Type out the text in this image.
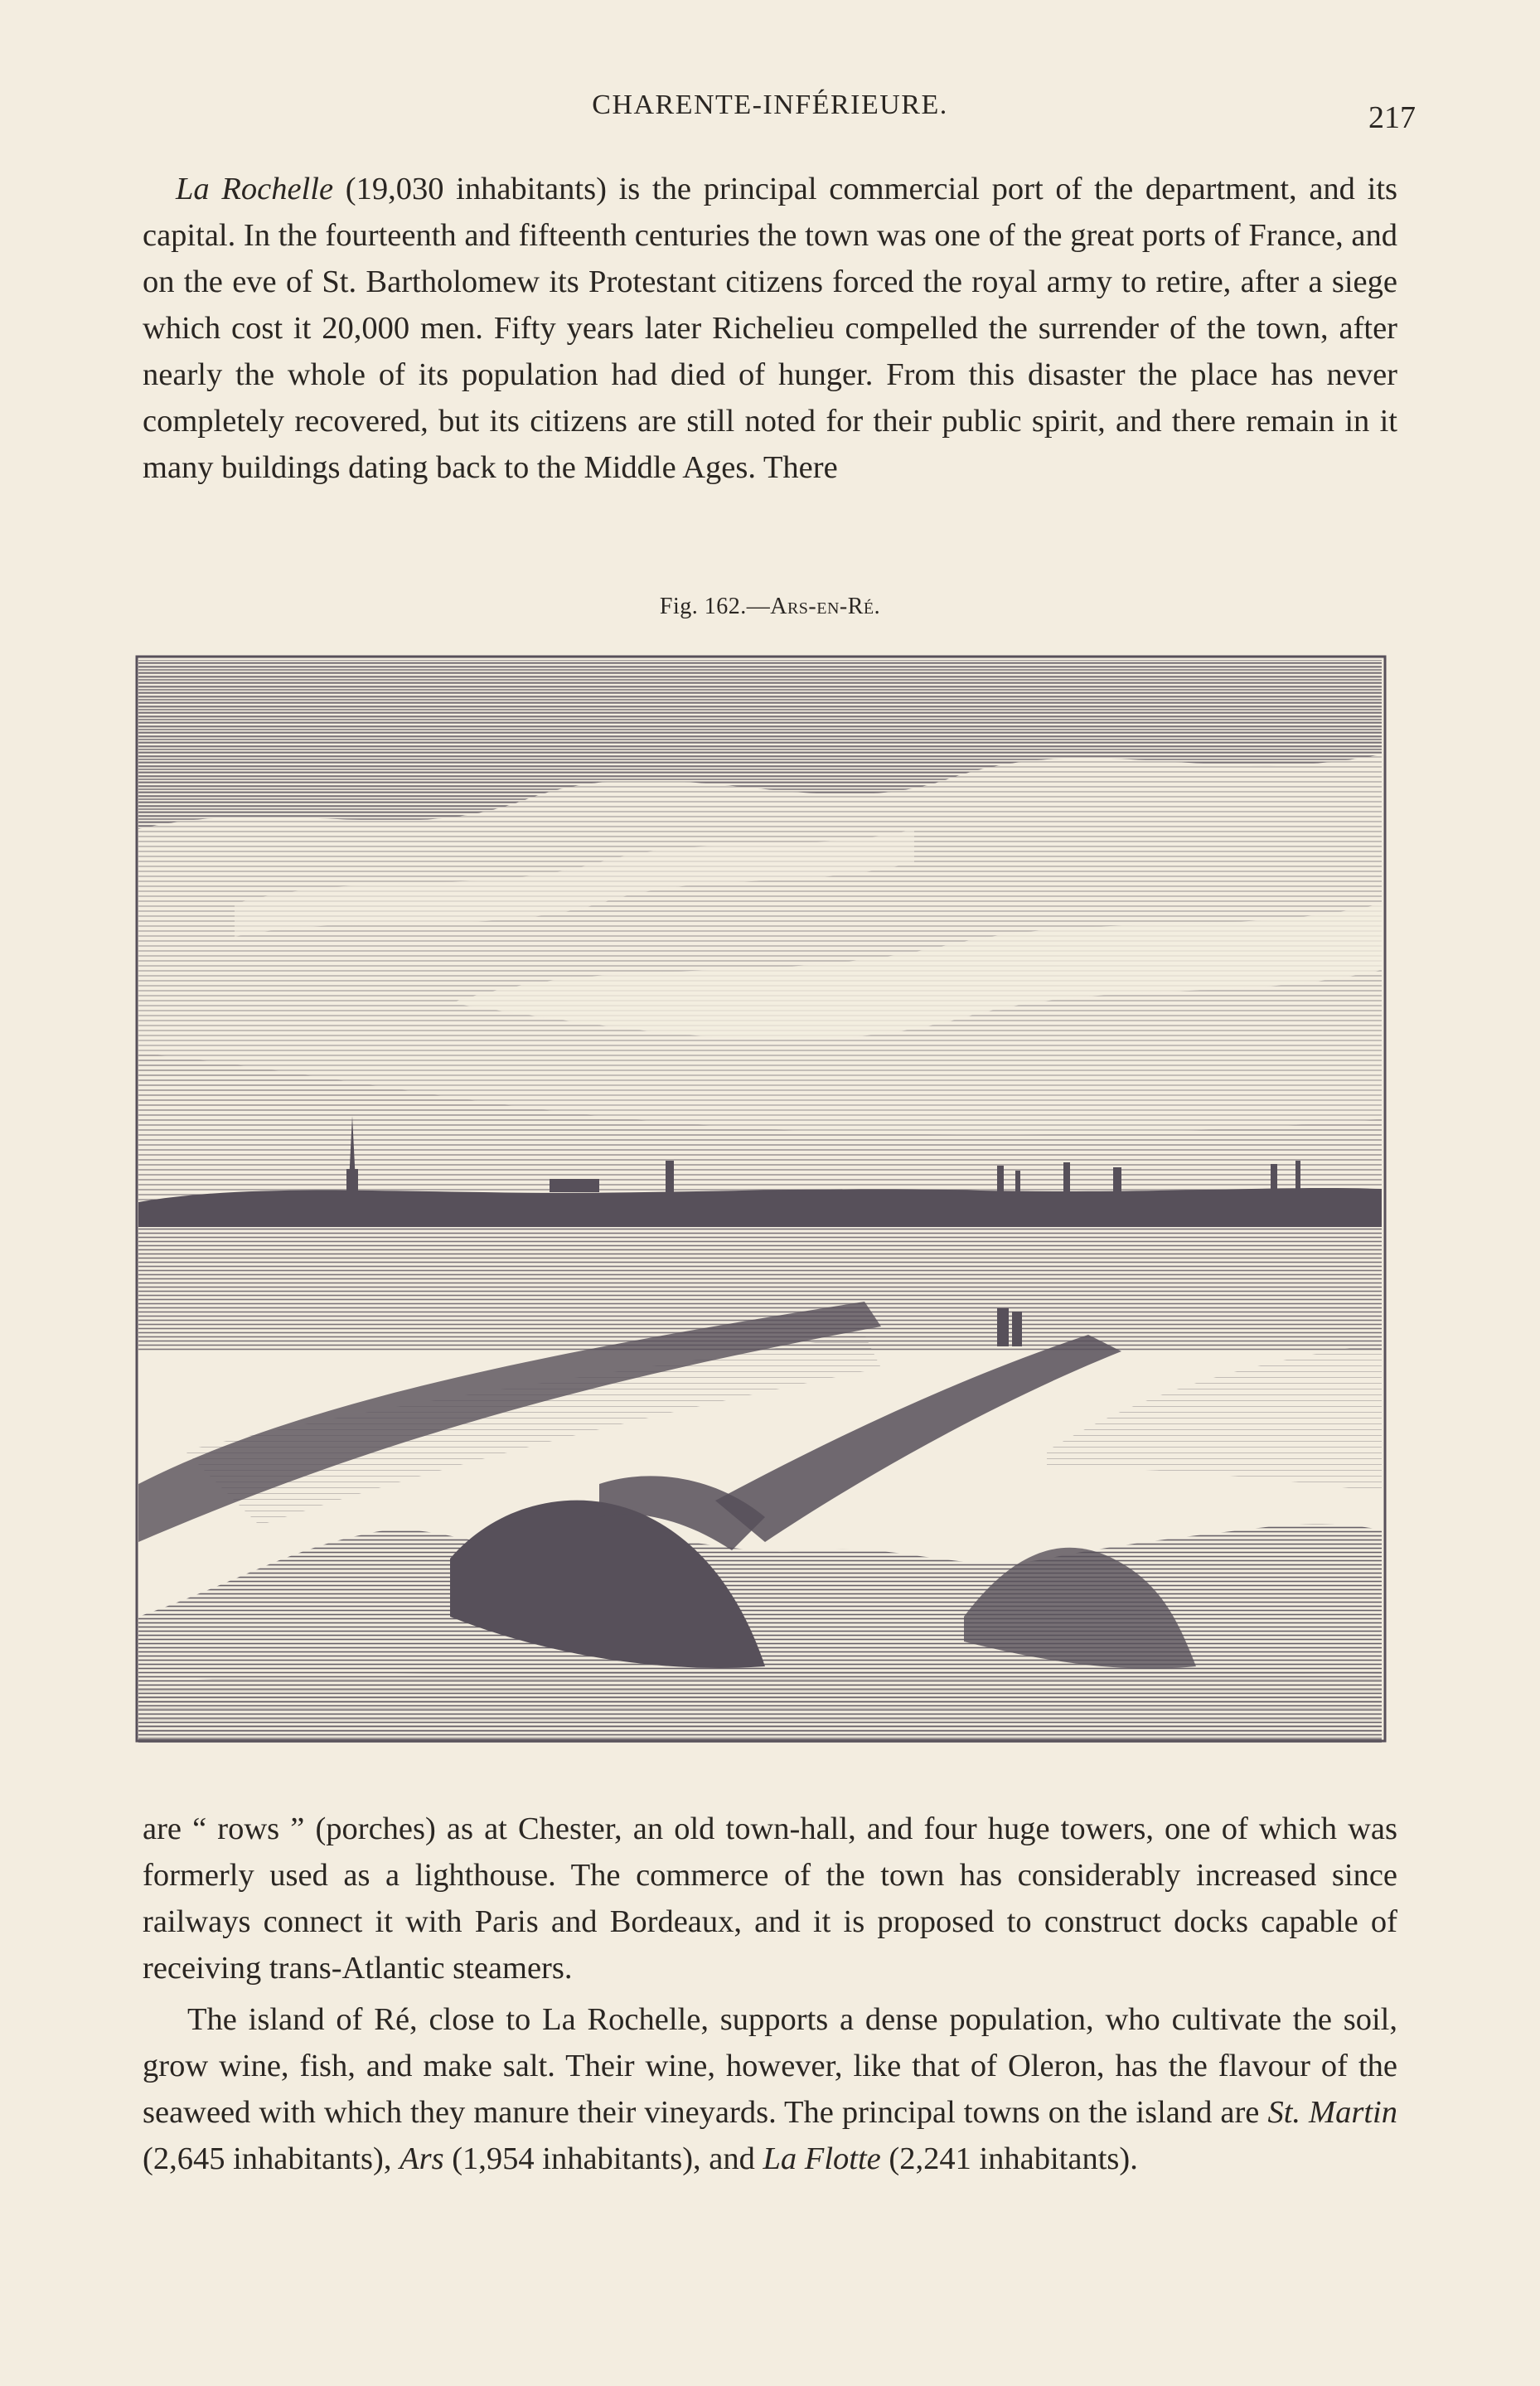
CHARENTE-INFÉRIEURE.	217

La Rochelle (19,030 inhabitants) is the principal commercial port of the department, and its capital. In the fourteenth and fifteenth centuries the town was one of the great ports of France, and on the eve of St. Bartholomew its Protestant citizens forced the royal army to retire, after a siege which cost it 20,000 men. Fifty years later Richelieu compelled the surrender of the town, after nearly the whole of its population had died of hunger. From this disaster the place has never completely recovered, but its citizens are still noted for their public spirit, and there remain in it many buildings dating back to the Middle Ages. There

Fig. 162.—Ars-en-Ré.

are “ rows ” (porches) as at Chester, an old town-hall, and four huge towers, one of which was formerly used as a lighthouse. The commerce of the town has considerably increased since railways connect it with Paris and Bordeaux, and it is proposed to construct docks capable of receiving trans-Atlantic steamers.

The island of Ré, close to La Rochelle, supports a dense population, who cultivate the soil, grow wine, fish, and make salt. Their wine, however, like that of Oleron, has the flavour of the seaweed with which they manure their vineyards. The principal towns on the island are St. Martin (2,645 inhabitants), Ars (1,954 inhabitants), and La Flotte (2,241 inhabitants).
